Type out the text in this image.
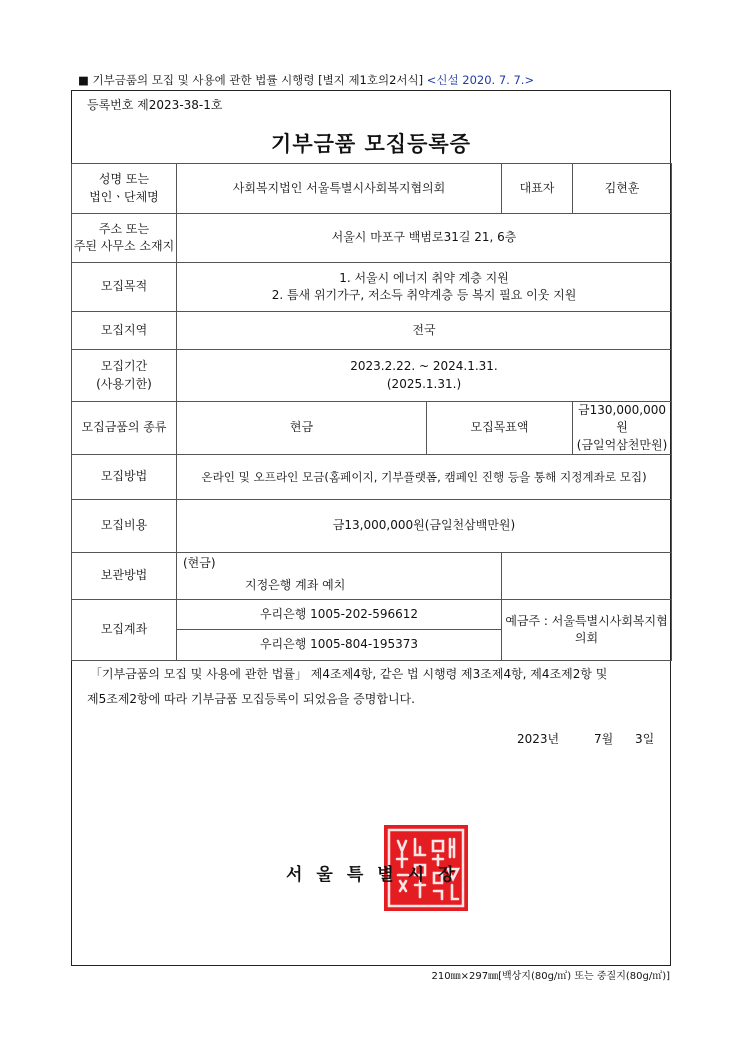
■ 기부금품의 모집 및 사용에 관한 법률 시행령 [별지 제1호의2서식] <신설 2020. 7. 7.>
등록번호 제2023-38-1호
기부금품 모집등록증
성명 또는
법인ㆍ단체명	사회복지법인 서울특별시사회복지협의회		대표자	김현훈

주소 또는
주된 사무소 소재지	서울시 마포구 백범로31길 21, 6층			
모집목적	1. 서울시 에너지 취약 계층 지원
2. 틈새 위기가구, 저소득 취약계층 등 복지 필요 이웃 지원			

모집지역	전국			

모집기간
(사용기한)	2023.2.22. ~ 2024.1.31.
(2025.1.31.)			

모집금품의 종류	현금	모집목표액		금130,000,000원
(금일억삼천만원)

모집방법	온라인 및 오프라인 모금(홈페이지, 기부플랫폼, 캠페인 진행 등을 통해 지정계좌로 모집)			
모집비용	금13,000,000원(금일천삼백만원)			
보관방법	(현금)
지정은행 계좌 예치			

모집계좌	우리은행 1005-202-596612		예금주 : 서울특별시사회복지협의회	
	우리은행 1005-804-195373			
「기부금품의 모집 및 사용에 관한 법률」 제4조제4항, 같은 법 시행령 제3조제4항, 제4조제2항 및
제5조제2항에 따라 기부금품 모집등록이 되었음을 증명합니다.
2023년	7월 3일
서울특별시장
210㎜×297㎜[백상지(80g/㎡) 또는 중질지(80g/㎡)]
